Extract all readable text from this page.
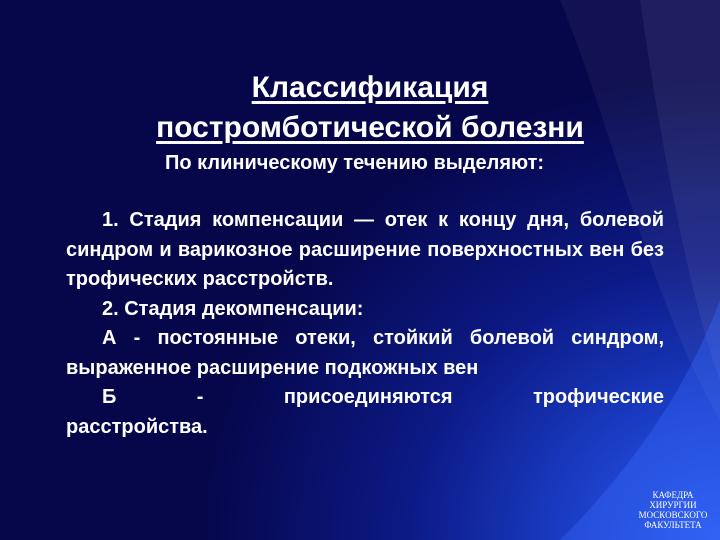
Классификация
постромботической болезни
По клиническому течению выделяют:
1. Стадия компенсации — отек к концу дня, болевой синдром и варикозное расширение поверхностных вен без трофических расстройств.
2. Стадия декомпенсации:
А - постоянные отеки, стойкий болевой синдром, выраженное расширение подкожных вен
Б - присоединяются трофические
расстройства.
КАФЕДРА
ХИРУРГИИ
МОСКОВСКОГО
ФАКУЛЬТЕТА
